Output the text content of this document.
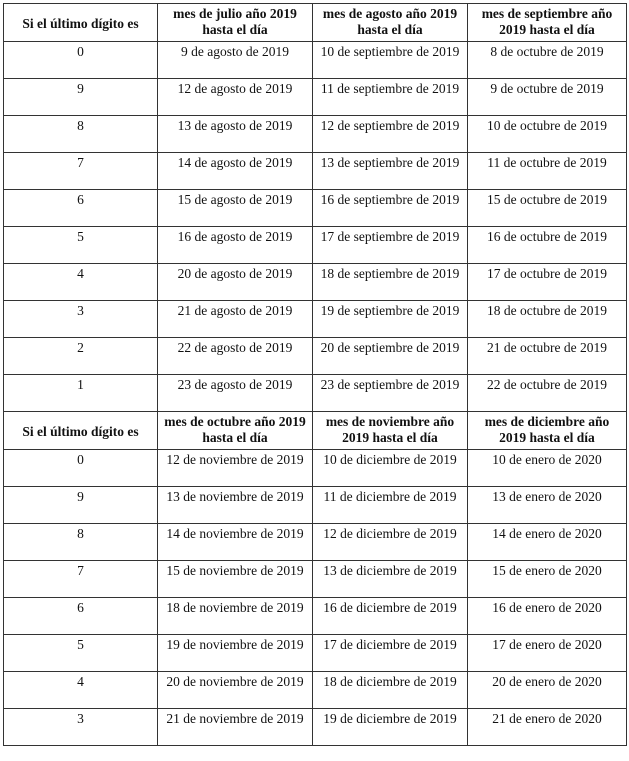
Si el último dígito es	mes de julio año 2019 hasta el día	mes de agosto año 2019 hasta el día	mes de septiembre año 2019 hasta el día
0	9 de agosto de 2019	10 de septiembre de 2019	8 de octubre de 2019
9	12 de agosto de 2019	11 de septiembre de 2019	9 de octubre de 2019
8	13 de agosto de 2019	12 de septiembre de 2019	10 de octubre de 2019
7	14 de agosto de 2019	13 de septiembre de 2019	11 de octubre de 2019
6	15 de agosto de 2019	16 de septiembre de 2019	15 de octubre de 2019
5	16 de agosto de 2019	17 de septiembre de 2019	16 de octubre de 2019
4	20 de agosto de 2019	18 de septiembre de 2019	17 de octubre de 2019
3	21 de agosto de 2019	19 de septiembre de 2019	18 de octubre de 2019
2	22 de agosto de 2019	20 de septiembre de 2019	21 de octubre de 2019
1	23 de agosto de 2019	23 de septiembre de 2019	22 de octubre de 2019
Si el último dígito es	mes de octubre año 2019 hasta el día	mes de noviembre año 2019 hasta el día	mes de diciembre año 2019 hasta el día
0	12 de noviembre de 2019	10 de diciembre de 2019	10 de enero de 2020
9	13 de noviembre de 2019	11 de diciembre de 2019	13 de enero de 2020
8	14 de noviembre de 2019	12 de diciembre de 2019	14 de enero de 2020
7	15 de noviembre de 2019	13 de diciembre de 2019	15 de enero de 2020
6	18 de noviembre de 2019	16 de diciembre de 2019	16 de enero de 2020
5	19 de noviembre de 2019	17 de diciembre de 2019	17 de enero de 2020
4	20 de noviembre de 2019	18 de diciembre de 2019	20 de enero de 2020
3	21 de noviembre de 2019	19 de diciembre de 2019	21 de enero de 2020
